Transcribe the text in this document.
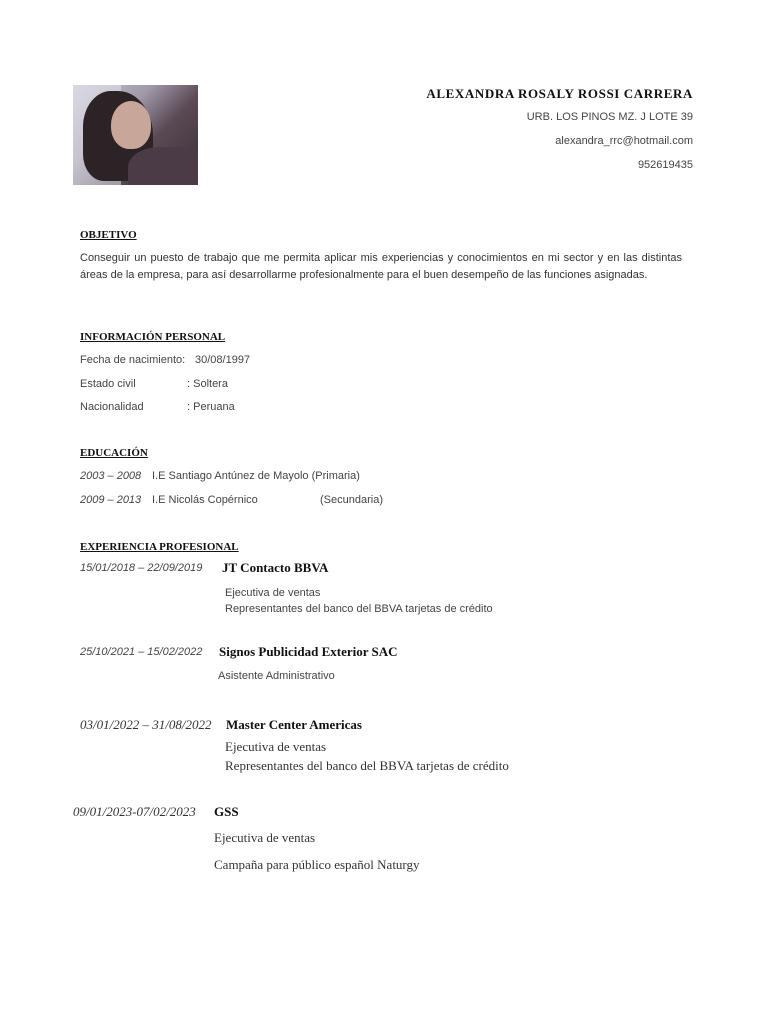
ALEXANDRA ROSALY ROSSI CARRERA
URB. LOS PINOS MZ. J LOTE 39
alexandra_rrc@hotmail.com
952619435
OBJETIVO
Conseguir un puesto de trabajo que me permita aplicar mis experiencias y conocimientos en mi sector y en las distintas áreas de la empresa, para así desarrollarme profesionalmente para el buen desempeño de las funciones asignadas.
INFORMACIÓN PERSONAL
Fecha de nacimiento: 30/08/1997
Estado civil	: Soltera
Nacionalidad	: Peruana
EDUCACIÓN
2003 – 2008 I.E Santiago Antúnez de Mayolo (Primaria)
2009 – 2013 I.E Nicolás Copérnico	(Secundaria)
EXPERIENCIA PROFESIONAL
15/01/2018 – 22/09/2019 JT Contacto BBVA
Ejecutiva de ventas
Representantes del banco del BBVA tarjetas de crédito
25/10/2021 – 15/02/2022 Signos Publicidad Exterior SAC
Asistente Administrativo
03/01/2022 – 31/08/2022 Master Center Americas
Ejecutiva de ventas
Representantes del banco del BBVA tarjetas de crédito
09/01/2023-07/02/2023 GSS
Ejecutiva de ventas
Campaña para público español Naturgy
